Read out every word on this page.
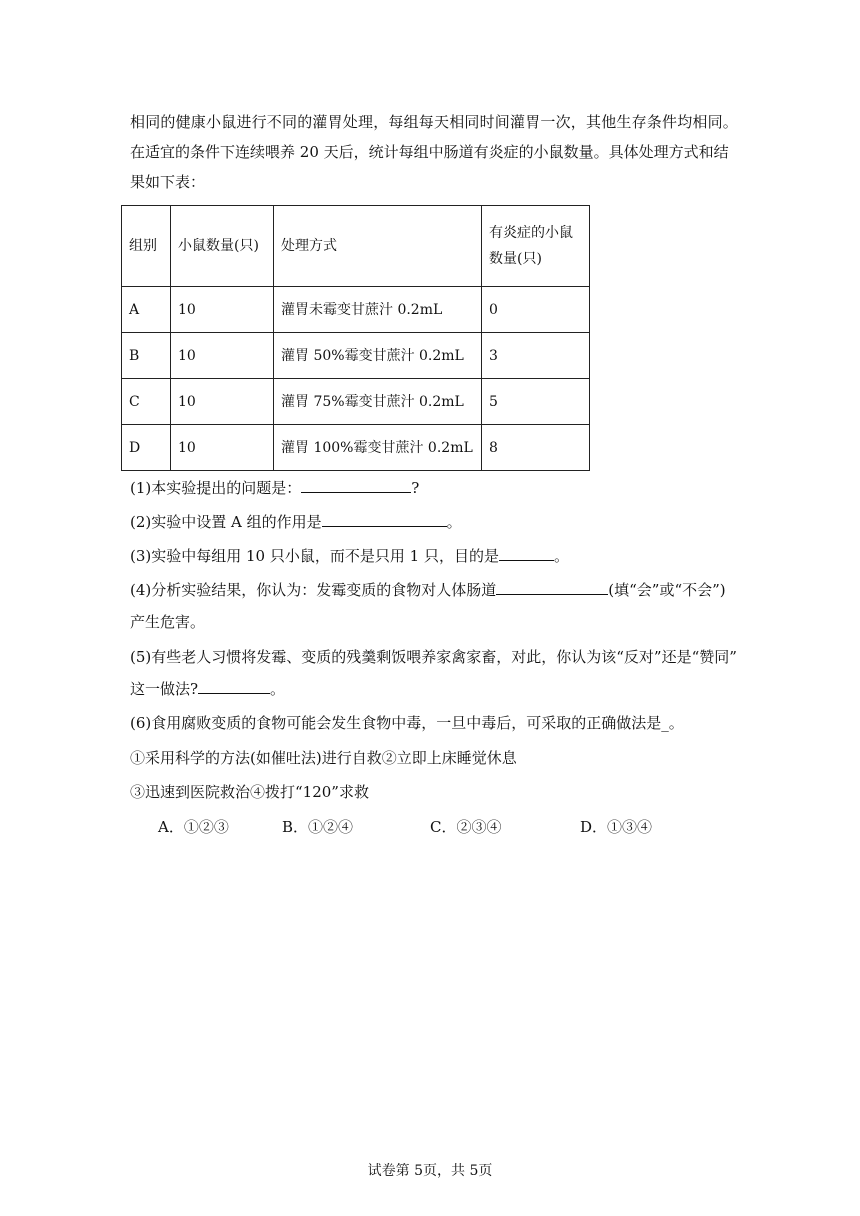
相同的健康小鼠进行不同的灌胃处理，每组每天相同时间灌胃一次，其他生存条件均相同。
在适宜的条件下连续喂养 20 天后，统计每组中肠道有炎症的小鼠数量。具体处理方式和结
果如下表：
组别	小鼠数量(只)	处理方式	有炎症的小鼠数量(只)
A	10	灌胃未霉变甘蔗汁 0.2mL	0
B	10	灌胃 50%霉变甘蔗汁 0.2mL	3
C	10	灌胃 75%霉变甘蔗汁 0.2mL	5
D	10	灌胃 100%霉变甘蔗汁 0.2mL	8
(1)本实验提出的问题是：	?
(2)实验中设置 A 组的作用是	。
(3)实验中每组用 10 只小鼠，而不是只用 1 只，目的是	。
(4)分析实验结果，你认为：发霉变质的食物对人体肠道	(填“会”或“不会”)
产生危害。
(5)有些老人习惯将发霉、变质的残羹剩饭喂养家禽家畜，对此，你认为该“反对”还是“赞同”
这一做法?	。
(6)食用腐败变质的食物可能会发生食物中毒，一旦中毒后，可采取的正确做法是_。
①采用科学的方法(如催吐法)进行自救②立即上床睡觉休息
③迅速到医院救治④拨打“120”求救
A．①②③	B．①②④	C．②③④	D．①③④
试卷第 5页，共 5页
